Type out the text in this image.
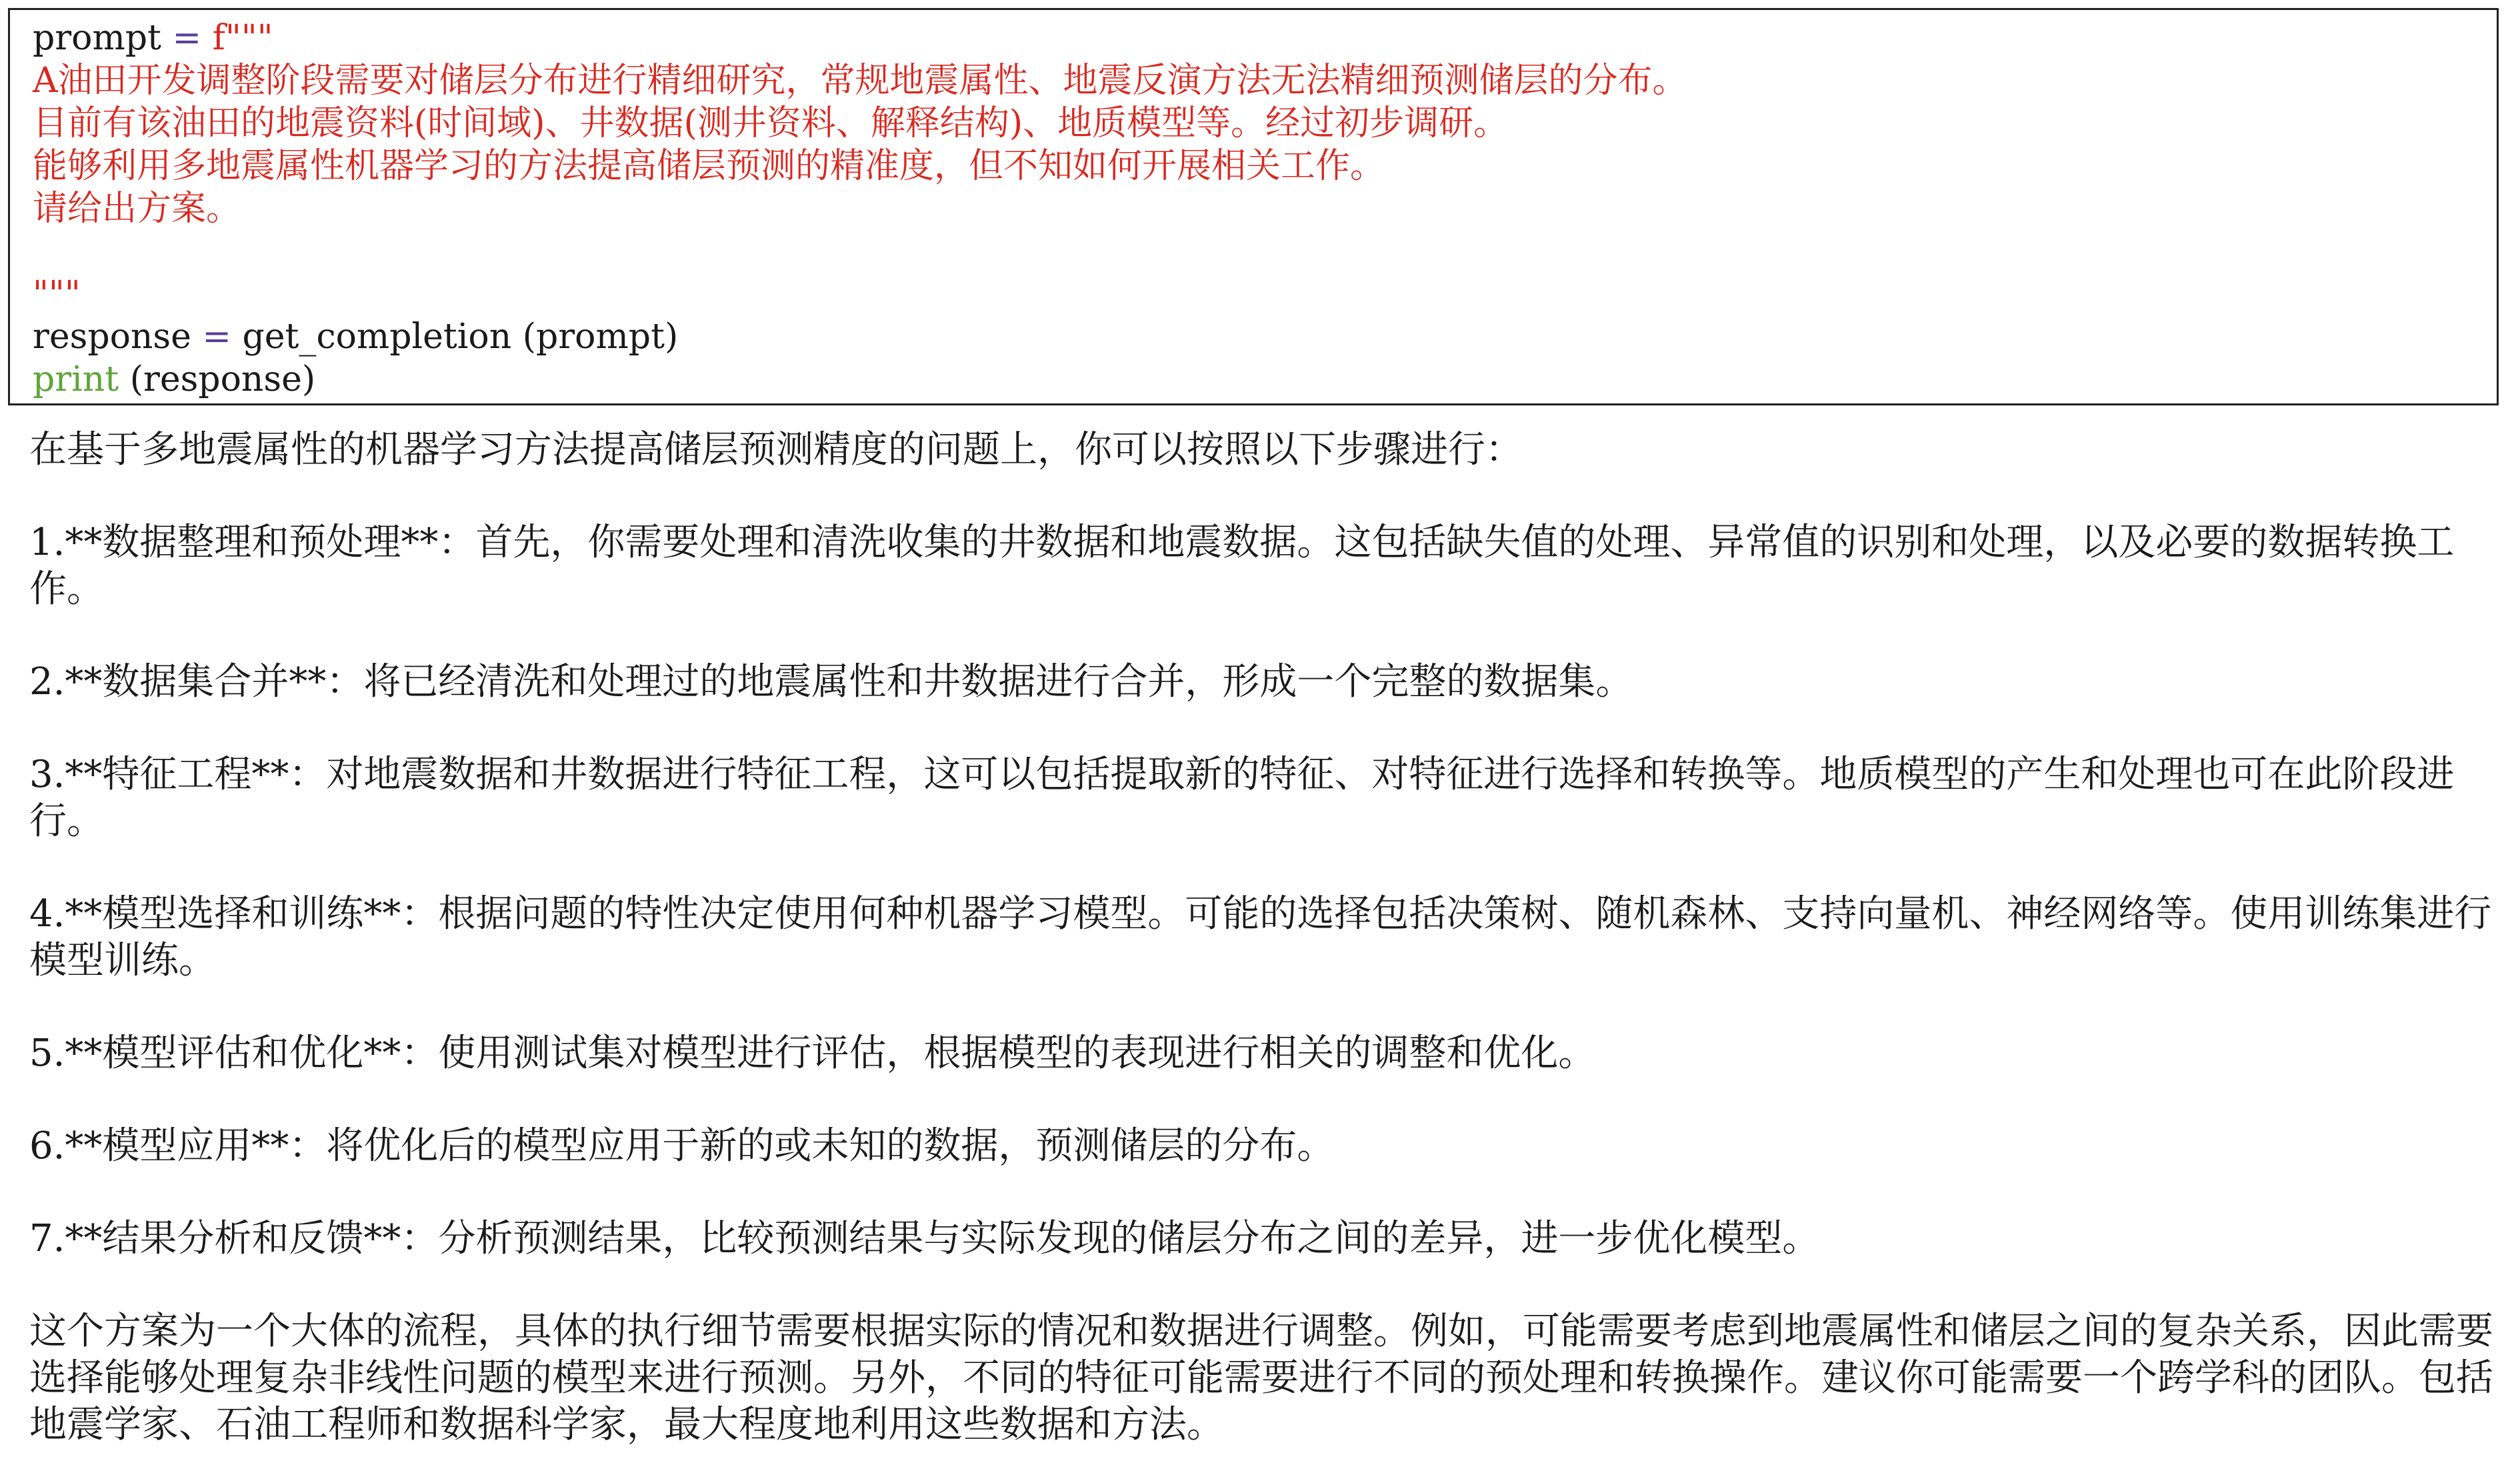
prompt = f"""
A油田开发调整阶段需要对储层分布进行精细研究，常规地震属性、地震反演方法无法精细预测储层的分布。
目前有该油田的地震资料(时间域)、井数据(测井资料、解释结构)、地质模型等。经过初步调研。
能够利用多地震属性机器学习的方法提高储层预测的精准度，但不知如何开展相关工作。
请给出方案。
"""
response = get_completion (prompt)
print (response)

在基于多地震属性的机器学习方法提高储层预测精度的问题上，你可以按照以下步骤进行：

1.**数据整理和预处理**：首先，你需要处理和清洗收集的井数据和地震数据。这包括缺失值的处理、异常值的识别和处理，以及必要的数据转换工作。

2.**数据集合并**：将已经清洗和处理过的地震属性和井数据进行合并，形成一个完整的数据集。

3.**特征工程**：对地震数据和井数据进行特征工程，这可以包括提取新的特征、对特征进行选择和转换等。地质模型的产生和处理也可在此阶段进行。

4.**模型选择和训练**：根据问题的特性决定使用何种机器学习模型。可能的选择包括决策树、随机森林、支持向量机、神经网络等。使用训练集进行模型训练。

5.**模型评估和优化**：使用测试集对模型进行评估，根据模型的表现进行相关的调整和优化。

6.**模型应用**：将优化后的模型应用于新的或未知的数据，预测储层的分布。

7.**结果分析和反馈**：分析预测结果，比较预测结果与实际发现的储层分布之间的差异，进一步优化模型。

这个方案为一个大体的流程，具体的执行细节需要根据实际的情况和数据进行调整。例如，可能需要考虑到地震属性和储层之间的复杂关系，因此需要选择能够处理复杂非线性问题的模型来进行预测。另外，不同的特征可能需要进行不同的预处理和转换操作。建议你可能需要一个跨学科的团队。包括地震学家、石油工程师和数据科学家，最大程度地利用这些数据和方法。
